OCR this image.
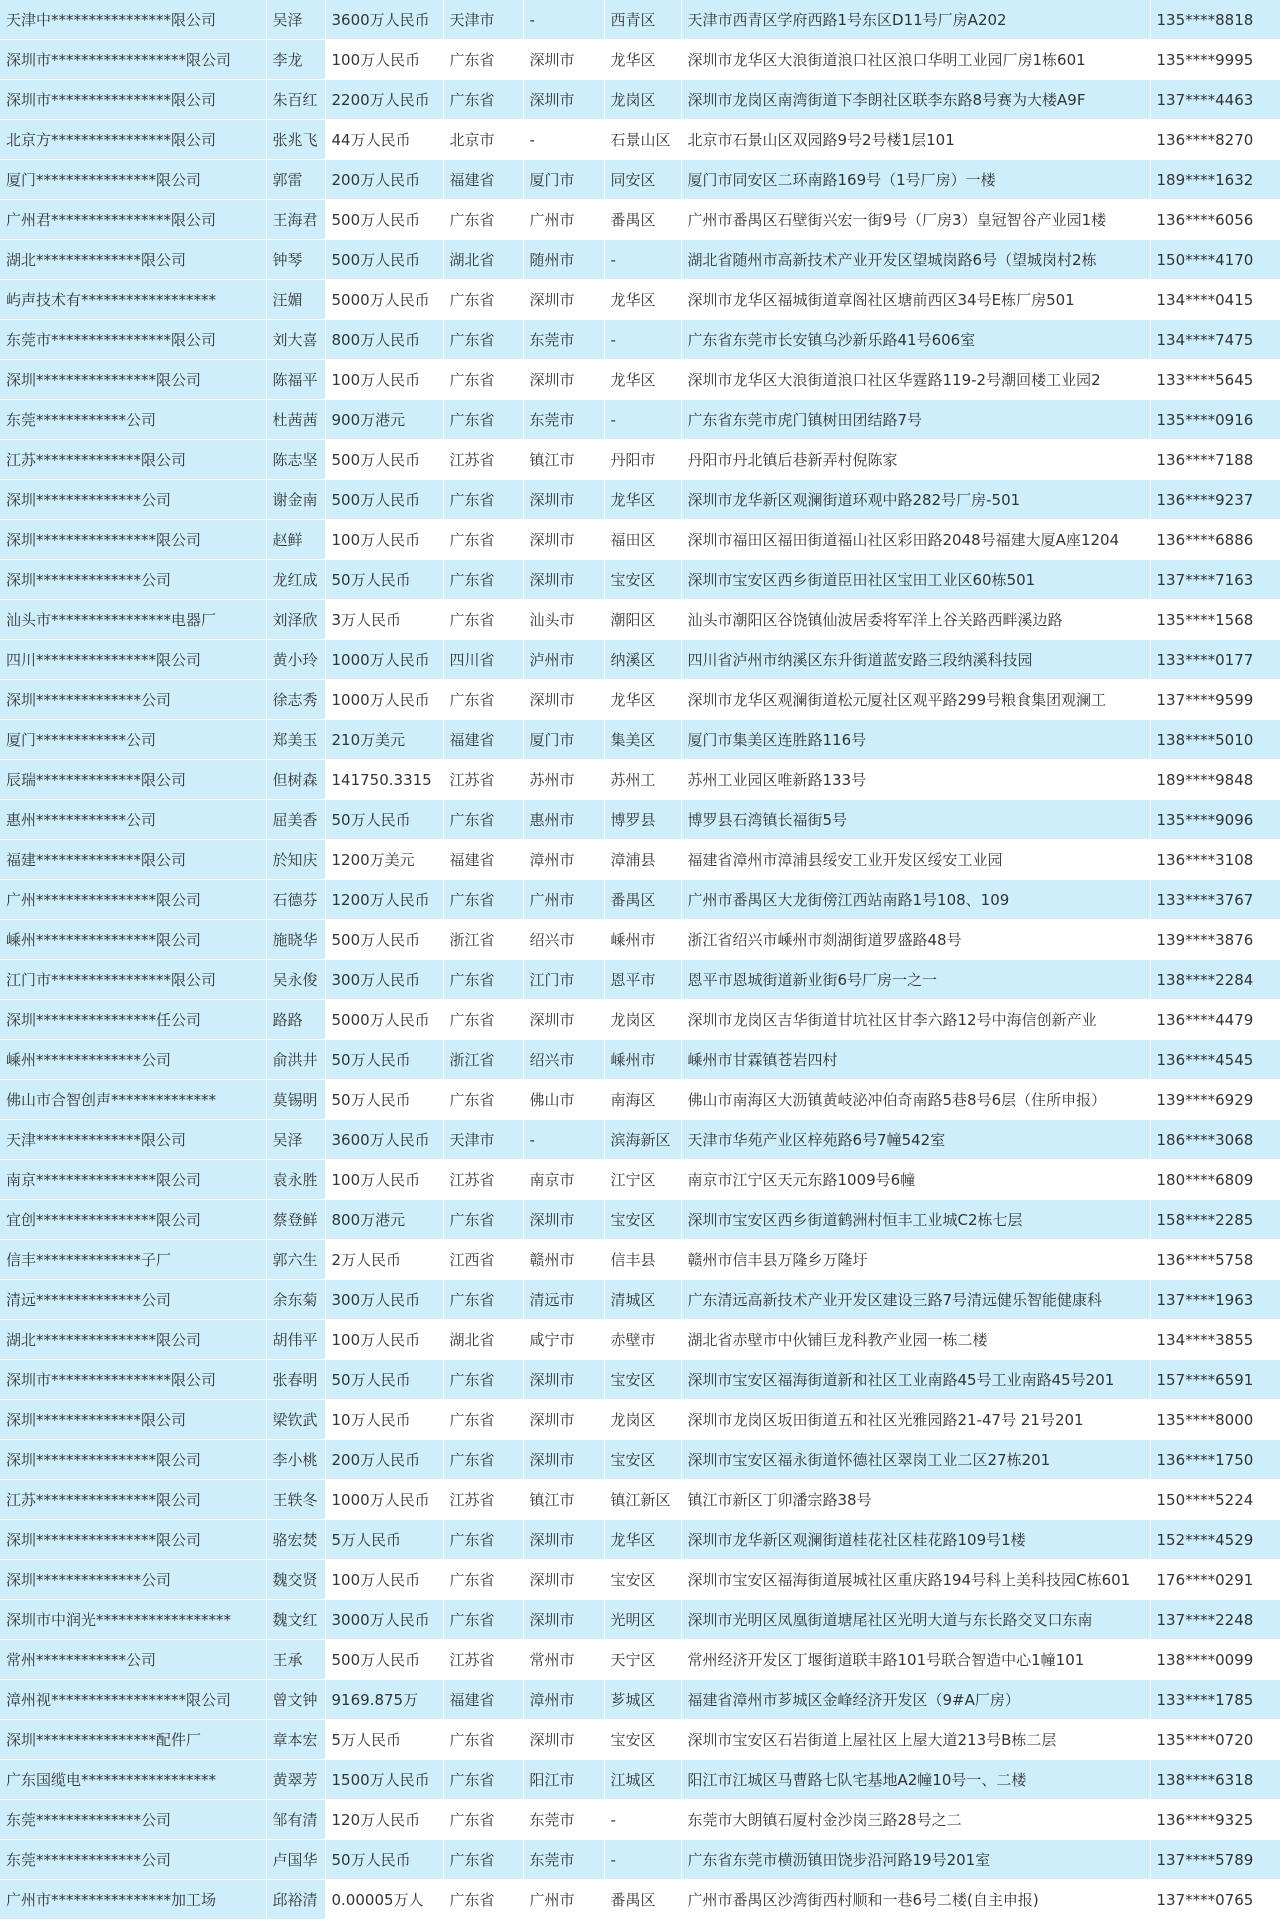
天津中****************限公司	吴泽	3600万人民币	天津市	-	西青区	天津市西青区学府西路1号东区D11号厂房A202	135****8818
深圳市******************限公司	李龙	100万人民币	广东省	深圳市	龙华区	深圳市龙华区大浪街道浪口社区浪口华明工业园厂房1栋601	135****9995
深圳市****************限公司	朱百红	2200万人民币	广东省	深圳市	龙岗区	深圳市龙岗区南湾街道下李朗社区联李东路8号赛为大楼A9F	137****4463
北京方****************限公司	张兆飞	44万人民币	北京市	-	石景山区	北京市石景山区双园路9号2号楼1层101	136****8270
厦门****************限公司	郭雷	200万人民币	福建省	厦门市	同安区	厦门市同安区二环南路169号（1号厂房）一楼	189****1632
广州君****************限公司	王海君	500万人民币	广东省	广州市	番禺区	广州市番禺区石壁街兴宏一街9号（厂房3）皇冠智谷产业园1楼	136****6056
湖北**************限公司	钟琴	500万人民币	湖北省	随州市	-	湖北省随州市高新技术产业开发区望城岗路6号（望城岗村2栋	150****4170
屿声技术有******************	汪媚	5000万人民币	广东省	深圳市	龙华区	深圳市龙华区福城街道章阁社区塘前西区34号E栋厂房501	134****0415
东莞市****************限公司	刘大喜	800万人民币	广东省	东莞市	-	广东省东莞市长安镇乌沙新乐路41号606室	134****7475
深圳****************限公司	陈福平	100万人民币	广东省	深圳市	龙华区	深圳市龙华区大浪街道浪口社区华霆路119-2号潮回楼工业园2	133****5645
东莞************公司	杜茜茜	900万港元	广东省	东莞市	-	广东省东莞市虎门镇树田团结路7号	135****0916
江苏**************限公司	陈志坚	500万人民币	江苏省	镇江市	丹阳市	丹阳市丹北镇后巷新弄村倪陈家	136****7188
深圳**************公司	谢金南	500万人民币	广东省	深圳市	龙华区	深圳市龙华新区观澜街道环观中路282号厂房-501	136****9237
深圳****************限公司	赵鲜	100万人民币	广东省	深圳市	福田区	深圳市福田区福田街道福山社区彩田路2048号福建大厦A座1204	136****6886
深圳**************公司	龙红成	50万人民币	广东省	深圳市	宝安区	深圳市宝安区西乡街道臣田社区宝田工业区60栋501	137****7163
汕头市****************电器厂	刘泽欣	3万人民币	广东省	汕头市	潮阳区	汕头市潮阳区谷饶镇仙波居委将军洋上谷关路西畔溪边路	135****1568
四川****************限公司	黄小玲	1000万人民币	四川省	泸州市	纳溪区	四川省泸州市纳溪区东升街道蓝安路三段纳溪科技园	133****0177
深圳**************公司	徐志秀	1000万人民币	广东省	深圳市	龙华区	深圳市龙华区观澜街道松元厦社区观平路299号粮食集团观澜工	137****9599
厦门************公司	郑美玉	210万美元	福建省	厦门市	集美区	厦门市集美区连胜路116号	138****5010
辰瑞**************限公司	但树森	141750.3315	江苏省	苏州市	苏州工	苏州工业园区唯新路133号	189****9848
惠州************公司	屈美香	50万人民币	广东省	惠州市	博罗县	博罗县石湾镇长福街5号	135****9096
福建**************限公司	於知庆	1200万美元	福建省	漳州市	漳浦县	福建省漳州市漳浦县绥安工业开发区绥安工业园	136****3108
广州****************限公司	石德芬	1200万人民币	广东省	广州市	番禺区	广州市番禺区大龙街傍江西站南路1号108、109	133****3767
嵊州****************限公司	施晓华	500万人民币	浙江省	绍兴市	嵊州市	浙江省绍兴市嵊州市剡湖街道罗盛路48号	139****3876
江门市****************限公司	吴永俊	300万人民币	广东省	江门市	恩平市	恩平市恩城街道新业街6号厂房一之一	138****2284
深圳****************任公司	路路	5000万人民币	广东省	深圳市	龙岗区	深圳市龙岗区吉华街道甘坑社区甘李六路12号中海信创新产业	136****4479
嵊州**************公司	俞洪井	50万人民币	浙江省	绍兴市	嵊州市	嵊州市甘霖镇苍岩四村	136****4545
佛山市合智创声**************	莫锡明	50万人民币	广东省	佛山市	南海区	佛山市南海区大沥镇黄岐泌冲伯奇南路5巷8号6层（住所申报）	139****6929
天津**************限公司	吴泽	3600万人民币	天津市	-	滨海新区	天津市华苑产业区梓苑路6号7幢542室	186****3068
南京****************限公司	袁永胜	100万人民币	江苏省	南京市	江宁区	南京市江宁区天元东路1009号6幢	180****6809
宜创****************限公司	蔡登鲜	800万港元	广东省	深圳市	宝安区	深圳市宝安区西乡街道鹤洲村恒丰工业城C2栋七层	158****2285
信丰**************子厂	郭六生	2万人民币	江西省	赣州市	信丰县	赣州市信丰县万隆乡万隆圩	136****5758
清远**************公司	余东菊	300万人民币	广东省	清远市	清城区	广东清远高新技术产业开发区建设三路7号清远健乐智能健康科	137****1963
湖北****************限公司	胡伟平	100万人民币	湖北省	咸宁市	赤壁市	湖北省赤壁市中伙铺巨龙科教产业园一栋二楼	134****3855
深圳市****************限公司	张春明	50万人民币	广东省	深圳市	宝安区	深圳市宝安区福海街道新和社区工业南路45号工业南路45号201	157****6591
深圳**************限公司	梁钦武	10万人民币	广东省	深圳市	龙岗区	深圳市龙岗区坂田街道五和社区光雅园路21-47号 21号201	135****8000
深圳****************限公司	李小桃	200万人民币	广东省	深圳市	宝安区	深圳市宝安区福永街道怀德社区翠岗工业二区27栋201	136****1750
江苏****************限公司	王轶冬	1000万人民币	江苏省	镇江市	镇江新区	镇江市新区丁卯潘宗路38号	150****5224
深圳****************限公司	骆宏焚	5万人民币	广东省	深圳市	龙华区	深圳市龙华新区观澜街道桂花社区桂花路109号1楼	152****4529
深圳**************公司	魏交贤	100万人民币	广东省	深圳市	宝安区	深圳市宝安区福海街道展城社区重庆路194号科上美科技园C栋601	176****0291
深圳市中润光******************	魏文红	3000万人民币	广东省	深圳市	光明区	深圳市光明区凤凰街道塘尾社区光明大道与东长路交叉口东南	137****2248
常州************公司	王承	500万人民币	江苏省	常州市	天宁区	常州经济开发区丁堰街道联丰路101号联合智造中心1幢101	138****0099
漳州视******************限公司	曾文钟	9169.875万	福建省	漳州市	芗城区	福建省漳州市芗城区金峰经济开发区（9#A厂房）	133****1785
深圳****************配件厂	章本宏	5万人民币	广东省	深圳市	宝安区	深圳市宝安区石岩街道上屋社区上屋大道213号B栋二层	135****0720
广东国缆电******************	黄翠芳	1500万人民币	广东省	阳江市	江城区	阳江市江城区马曹路七队宅基地A2幢10号一、二楼	138****6318
东莞**************公司	邹有清	120万人民币	广东省	东莞市	-	东莞市大朗镇石厦村金沙岗三路28号之二	136****9325
东莞**************公司	卢国华	50万人民币	广东省	东莞市	-	广东省东莞市横沥镇田饶步沿河路19号201室	137****5789
广州市****************加工场	邱裕清	0.00005万人	广东省	广州市	番禺区	广州市番禺区沙湾街西村顺和一巷6号二楼(自主申报)	137****0765
